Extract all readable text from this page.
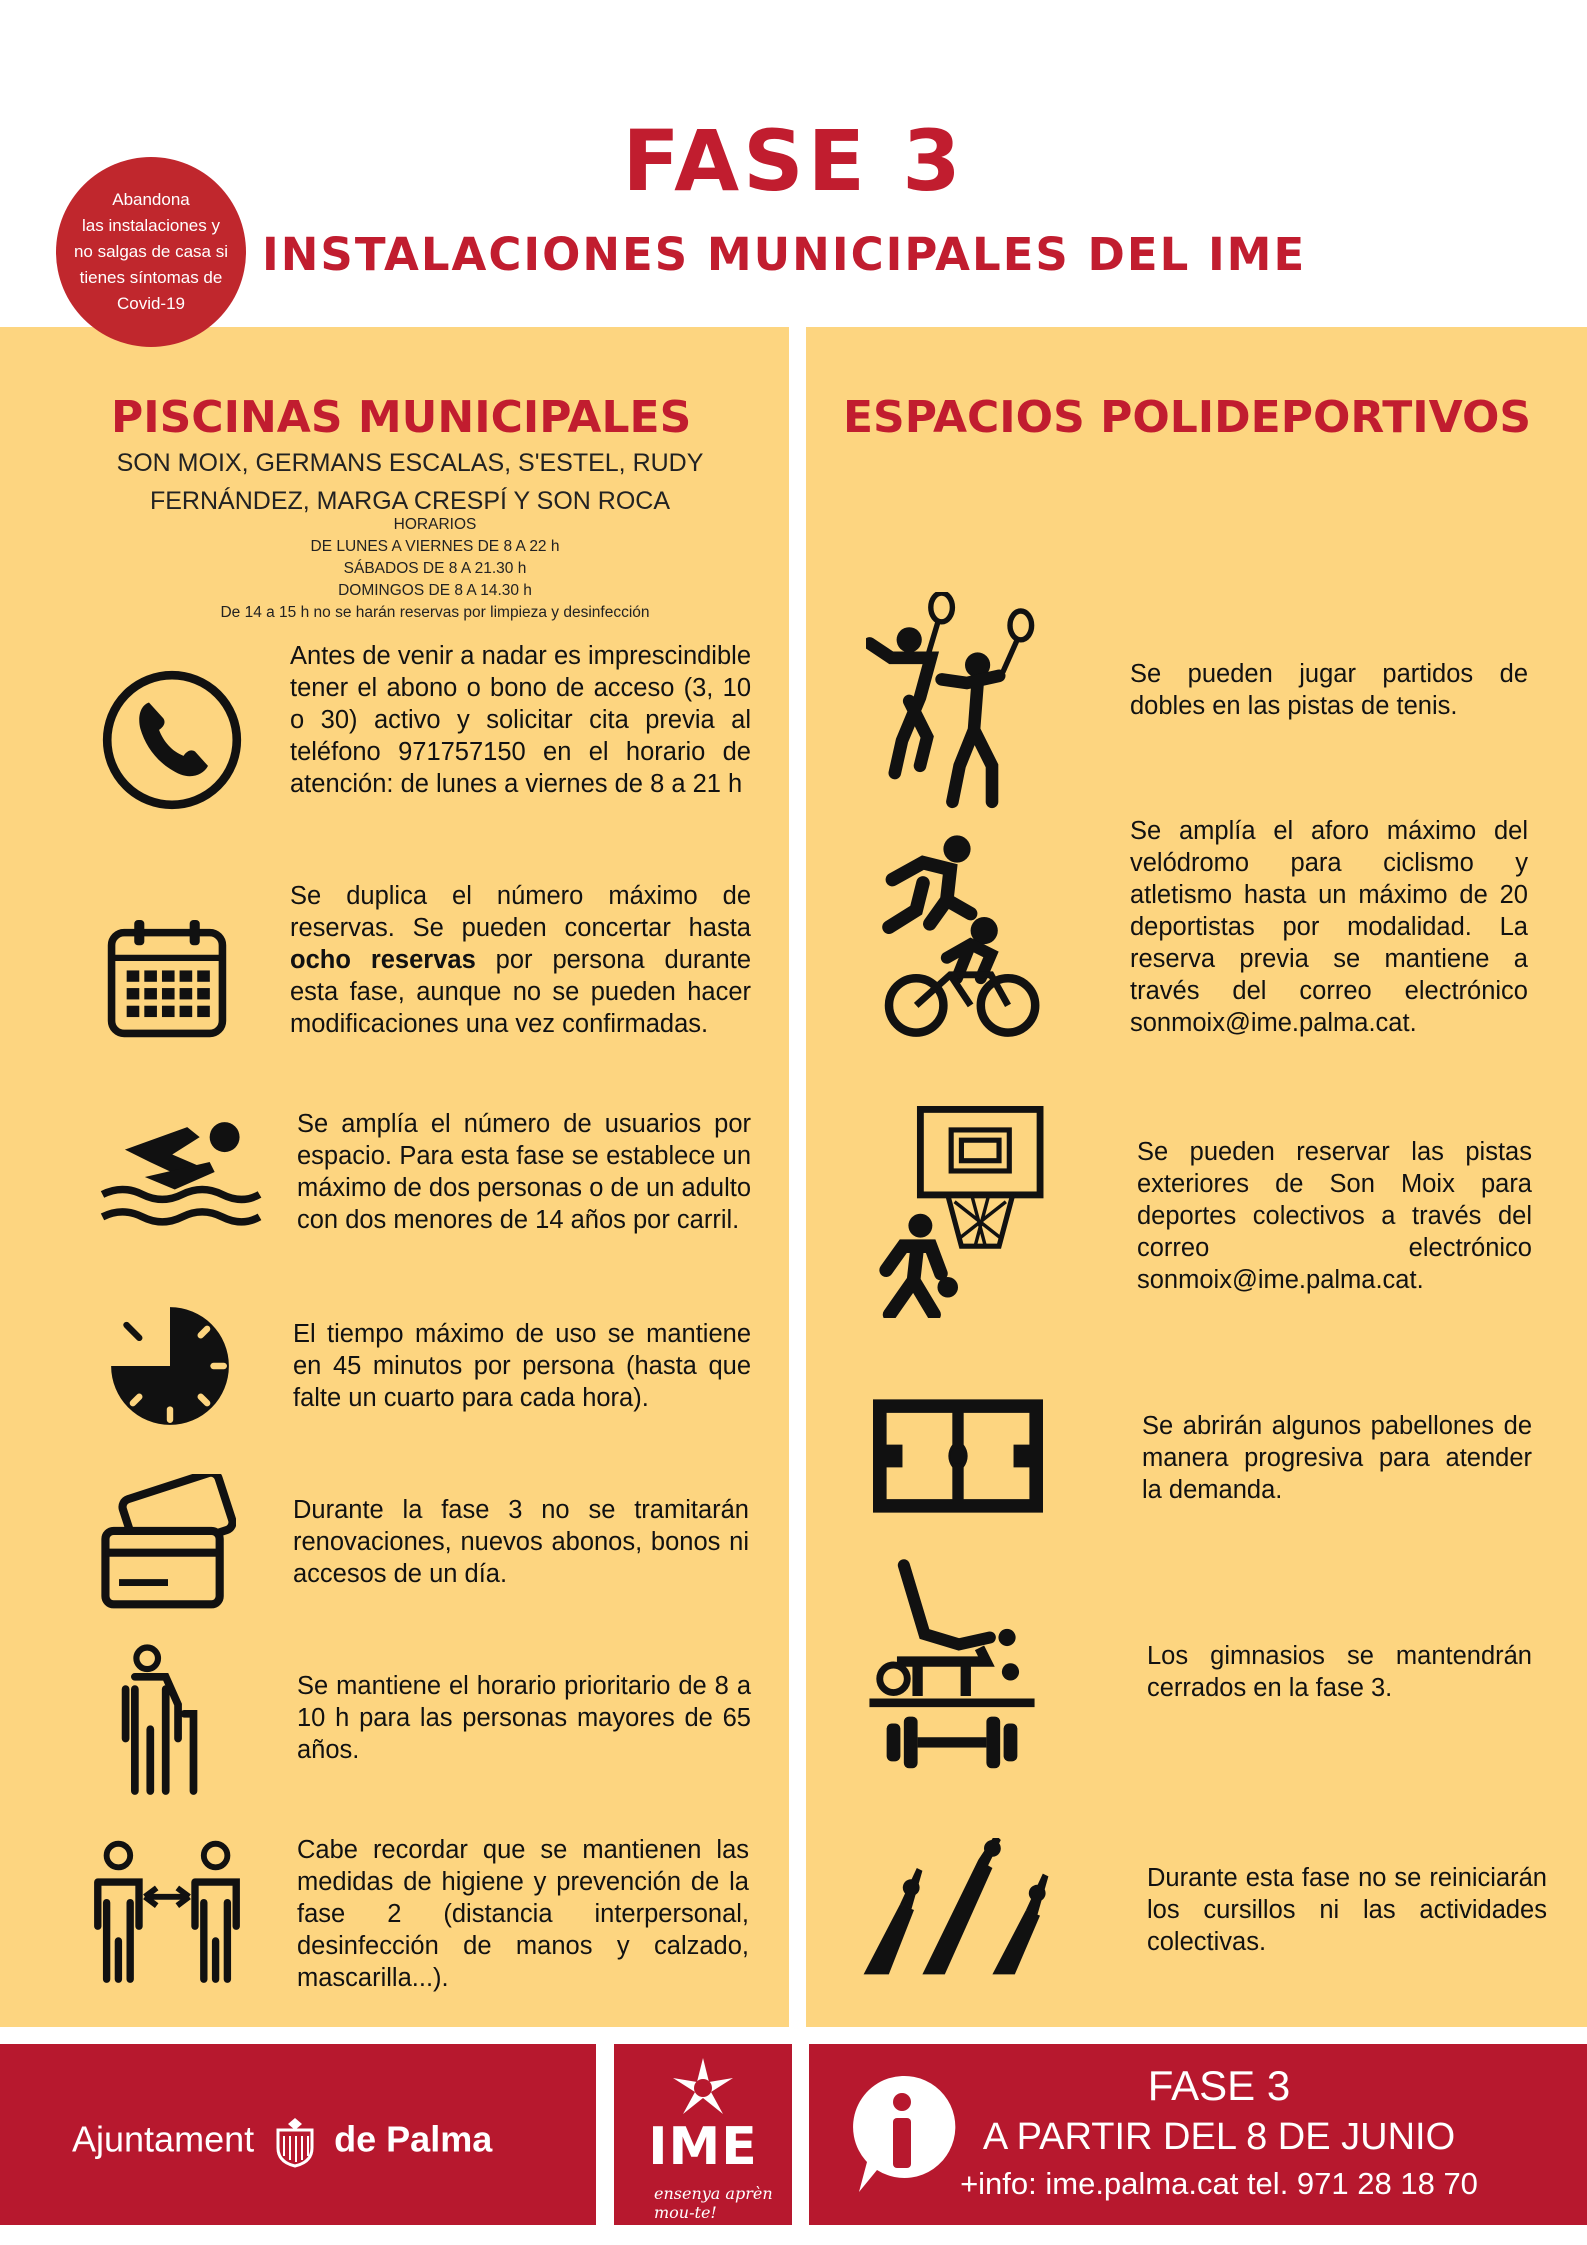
FASE 3
INSTALACIONES MUNICIPALES DEL IME
Abandona
las instalaciones y
no salgas de casa si
tienes síntomas de
Covid-19
PISCINAS MUNICIPALES
SON MOIX, GERMANS ESCALAS, S'ESTEL, RUDY
FERNÁNDEZ, MARGA CRESPÍ Y SON ROCA
HORARIOS
DE LUNES A VIERNES DE 8 A 22 h
SÁBADOS DE 8 A 21.30 h
DOMINGOS DE 8 A 14.30 h
De 14 a 15 h no se harán reservas por limpieza y desinfección
Antes de venir a nadar es imprescindible tener el abono o bono de acceso (3, 10 o 30) activo y solicitar cita previa al teléfono 971757150 en el horario de atención: de lunes a viernes de 8 a 21 h
Se duplica el número máximo de reservas. Se pueden concertar hasta ocho reservas por persona durante esta fase, aunque no se pueden hacer modificaciones una vez confirmadas.
Se amplía el número de usuarios por espacio. Para esta fase se establece un máximo de dos personas o de un adulto con dos menores de 14 años por carril.
El tiempo máximo de uso se mantiene en 45 minutos por persona (hasta que falte un cuarto para cada hora).
Durante la fase 3 no se tramitarán renovaciones, nuevos abonos, bonos ni accesos de un día.
Se mantiene el horario prioritario de 8 a 10 h para las personas mayores de 65 años.
Cabe recordar que se mantienen las medidas de higiene y prevención de la fase 2 (distancia interpersonal, desinfección de manos y calzado, mascarilla...).
ESPACIOS POLIDEPORTIVOS
Se pueden jugar partidos de dobles en las pistas de tenis.
Se amplía el aforo máximo del velódromo para ciclismo y atletismo hasta un máximo de 20 deportistas por modalidad. La reserva previa se mantiene a través del correo electrónico sonmoix@ime.palma.cat.
Se pueden reservar las pistas exteriores de Son Moix para deportes colectivos a través del correo electrónico sonmoix@ime.palma.cat.
Se abrirán algunos pabellones de manera progresiva para atender la demanda.
Los gimnasios se mantendrán cerrados en la fase 3.
Durante esta fase no se reiniciarán los cursillos ni las actividades colectivas.
Ajuntament de Palma	IME
ensenya aprèn mou-te!
FASE 3
A PARTIR DEL 8 DE JUNIO
+info: ime.palma.cat tel. 971 28 18 70
